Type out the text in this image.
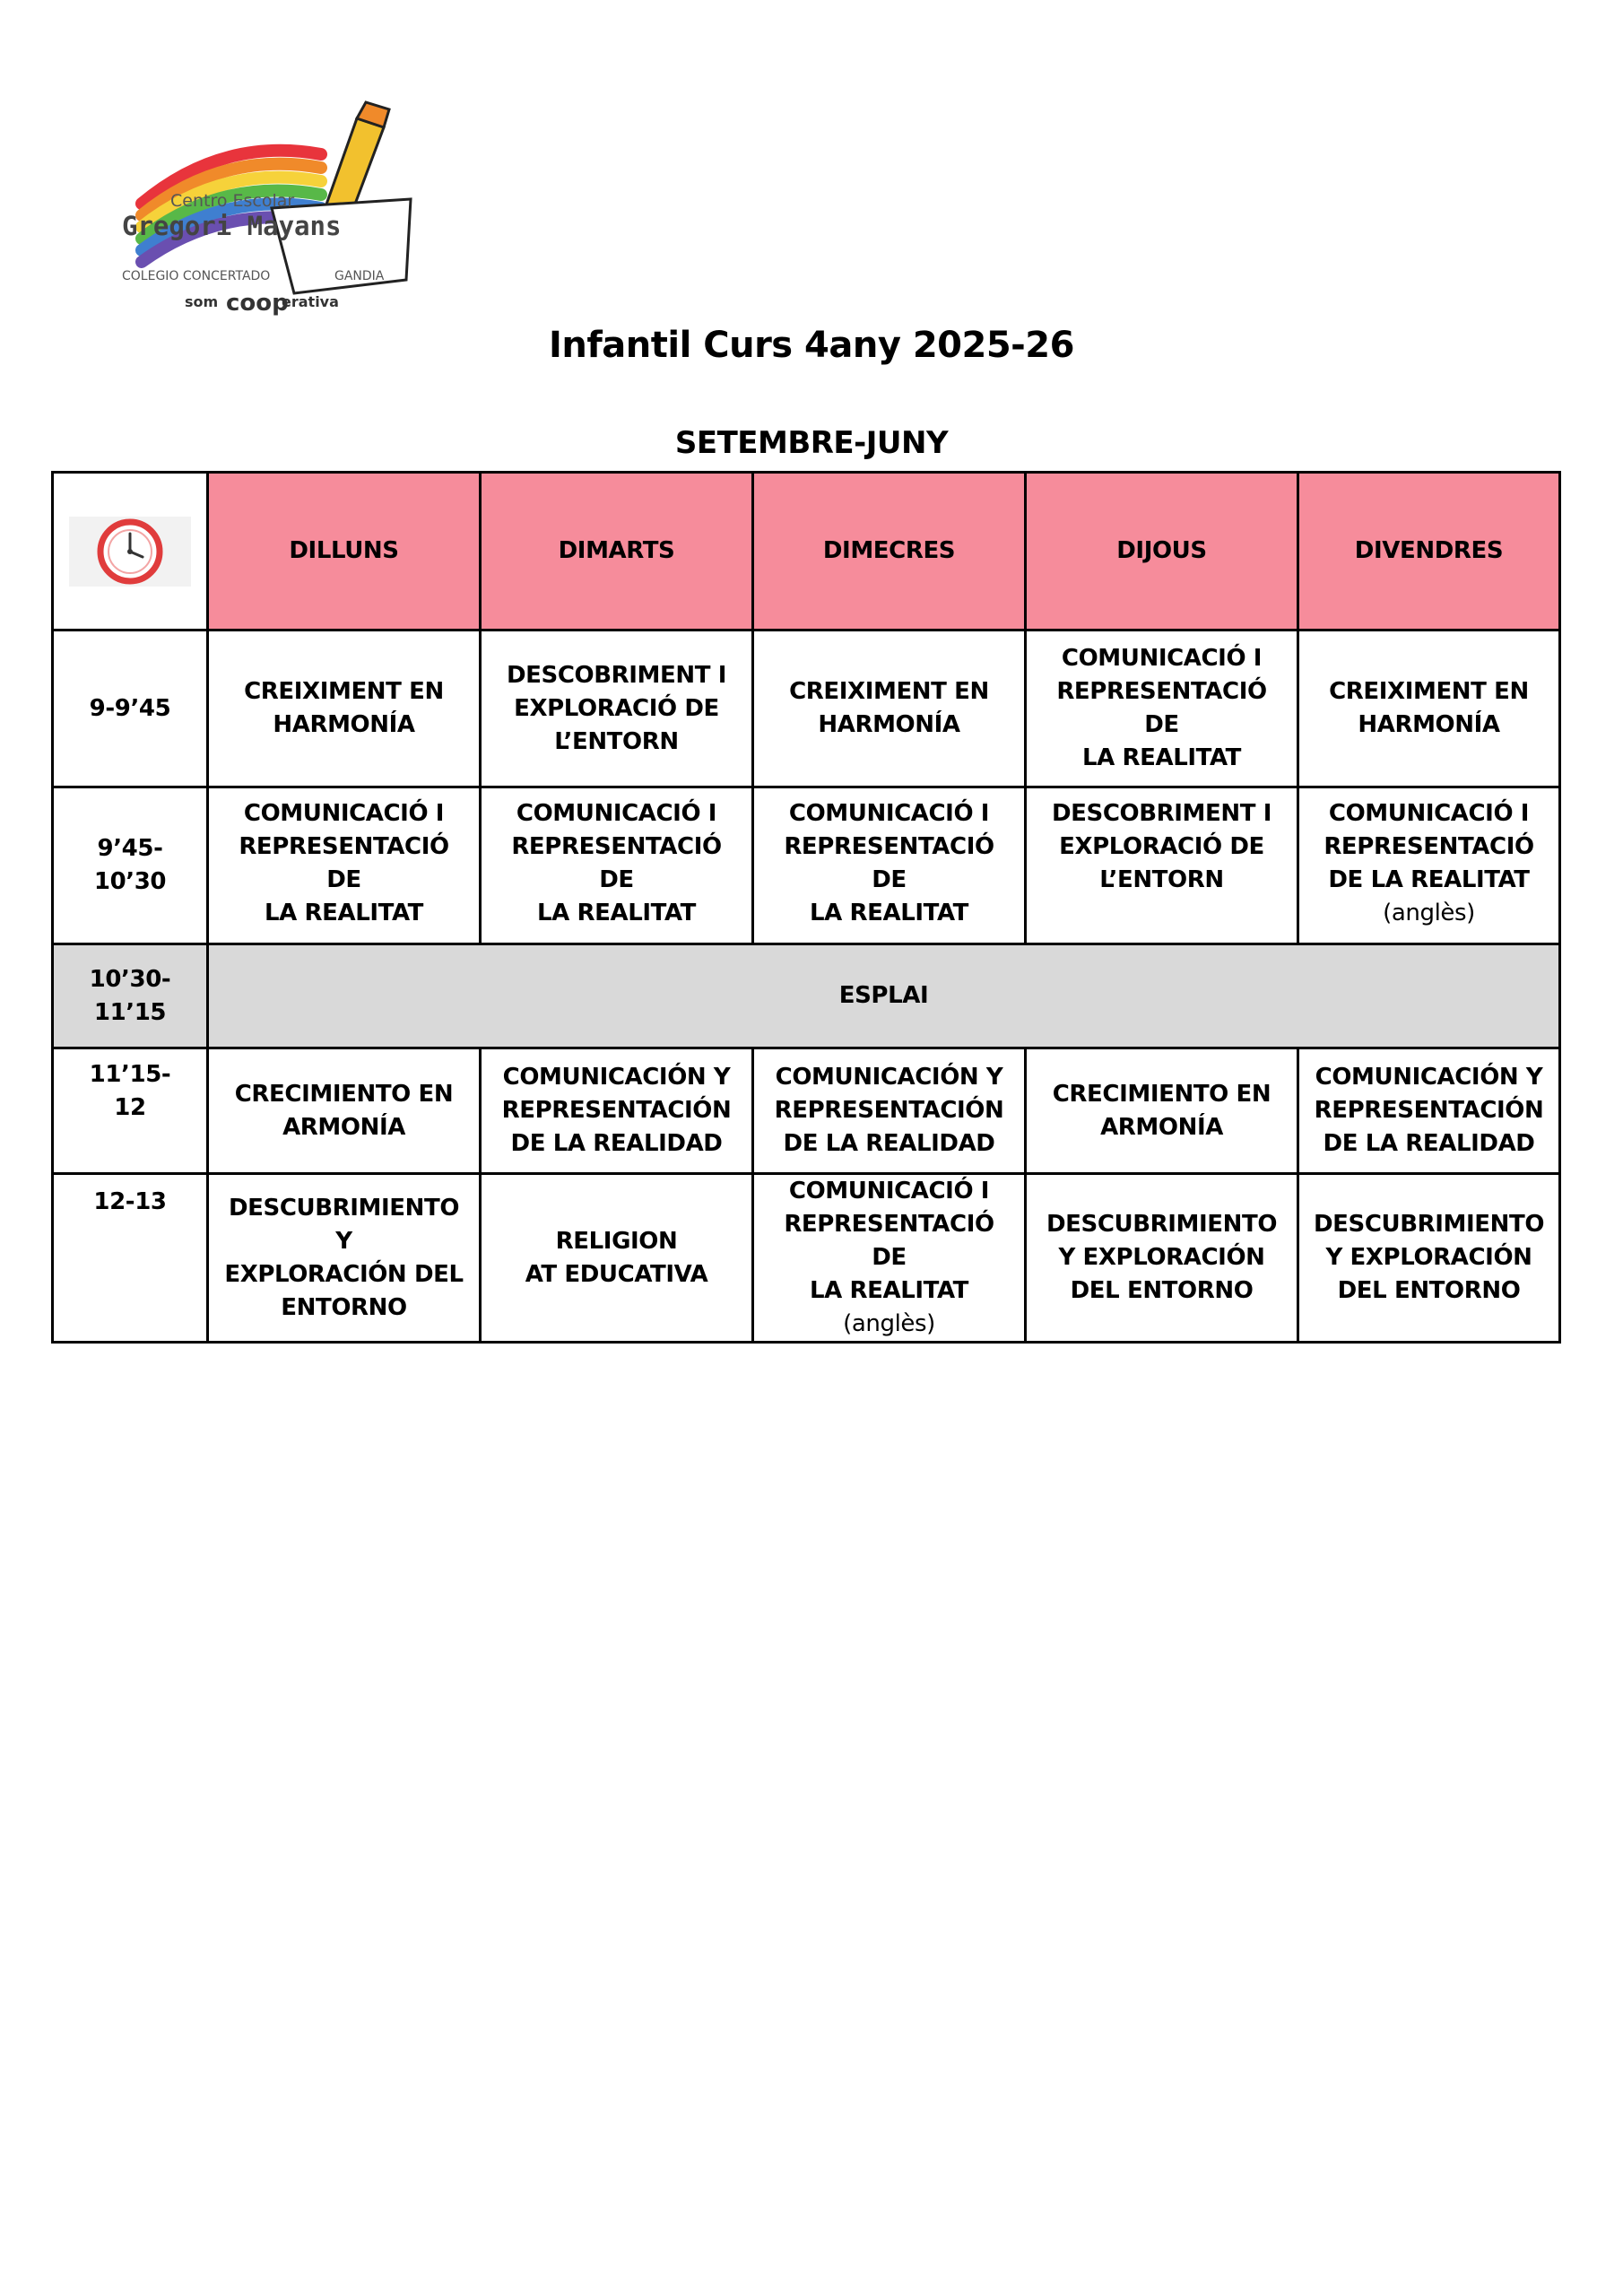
Centro Escolar
Gregori Mayans
COLEGIO CONCERTADO	GANDIA
som coop
erativa
Infantil Curs 4any 2025-26
SETEMBRE-JUNY
	DILLUNS	DIMARTS	DIMECRES	DIJOUS	DIVENDRES

9-9’45	CREIXIMENT EN
HARMONÍA	DESCOBRIMENT I
EXPLORACIÓ DE
L’ENTORN	CREIXIMENT EN
HARMONÍA	COMUNICACIÓ I
REPRESENTACIÓ DE
LA REALITAT	CREIXIMENT EN
HARMONÍA

9’45-
10’30	COMUNICACIÓ I
REPRESENTACIÓ DE
LA REALITAT	COMUNICACIÓ I
REPRESENTACIÓ DE
LA REALITAT	COMUNICACIÓ I
REPRESENTACIÓ DE
LA REALITAT	DESCOBRIMENT I
EXPLORACIÓ DE
L’ENTORN	COMUNICACIÓ I
REPRESENTACIÓ
DE LA REALITAT
(anglès)

10’30-
11’15	ESPLAI				

11’15-
12	CRECIMIENTO EN
ARMONÍA	COMUNICACIÓN Y
REPRESENTACIÓN
DE LA REALIDAD	COMUNICACIÓN Y
REPRESENTACIÓN
DE LA REALIDAD	CRECIMIENTO EN
ARMONÍA	COMUNICACIÓN Y
REPRESENTACIÓN
DE LA REALIDAD

12-13	DESCUBRIMIENTO Y
EXPLORACIÓN DEL
ENTORNO	RELIGION
AT EDUCATIVA	COMUNICACIÓ I
REPRESENTACIÓ DE
LA REALITAT
(anglès)	DESCUBRIMIENTO
Y EXPLORACIÓN
DEL ENTORNO	DESCUBRIMIENTO
Y EXPLORACIÓN
DEL ENTORNO
